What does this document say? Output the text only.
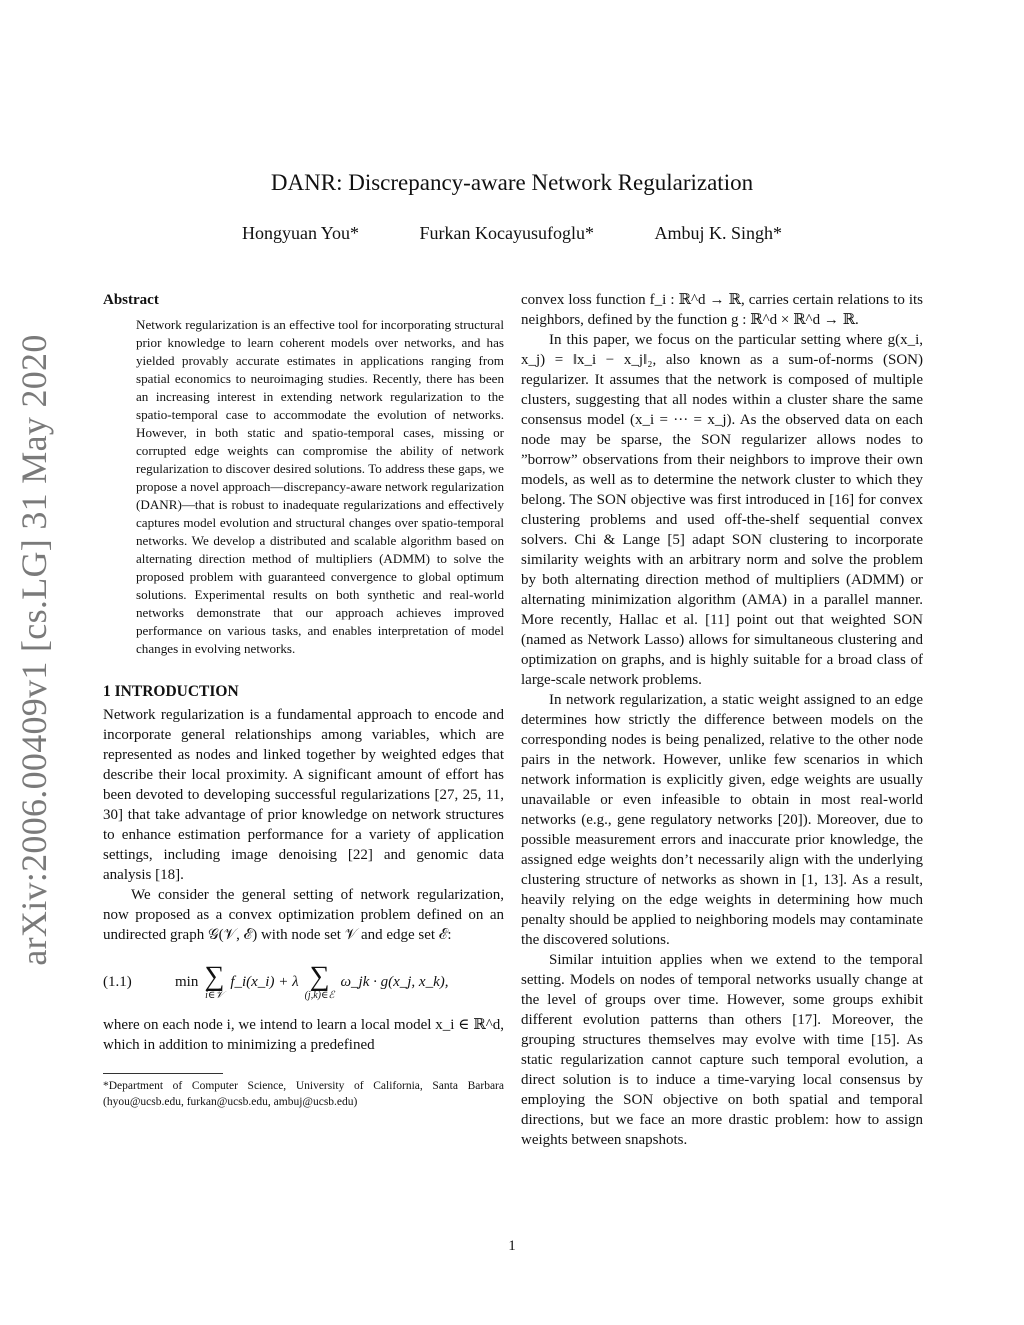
arXiv:2006.00409v1 [cs.LG] 31 May 2020
DANR: Discrepancy-aware Network Regularization
Hongyuan You*	Furkan Kocayusufoglu*	Ambuj K. Singh*
Abstract

Network regularization is an effective tool for incorporating structural prior knowledge to learn coherent models over networks, and has yielded provably accurate estimates in applications ranging from spatial economics to neuroimaging studies. Recently, there has been an increasing interest in extending network regularization to the spatio-temporal case to accommodate the evolution of networks. However, in both static and spatio-temporal cases, missing or corrupted edge weights can compromise the ability of network regularization to discover desired solutions. To address these gaps, we propose a novel approach—discrepancy-aware network regularization (DANR)—that is robust to inadequate regularizations and effectively captures model evolution and structural changes over spatio-temporal networks. We develop a distributed and scalable algorithm based on alternating direction method of multipliers (ADMM) to solve the proposed problem with guaranteed convergence to global optimum solutions. Experimental results on both synthetic and real-world networks demonstrate that our approach achieves improved performance on various tasks, and enables interpretation of model changes in evolving networks.

1 INTRODUCTION

Network regularization is a fundamental approach to encode and incorporate general relationships among variables, which are represented as nodes and linked together by weighted edges that describe their local proximity. A significant amount of effort has been devoted to developing successful regularizations [27, 25, 11, 30] that take advantage of prior knowledge on network structures to enhance estimation performance for a variety of application settings, including image denoising [22] and genomic data analysis [18].

We consider the general setting of network regularization, now proposed as a convex optimization problem defined on an undirected graph 𝒢(𝒱, ℰ) with node set 𝒱 and edge set ℰ:

(1.1)	min ∑
i∈𝒱
f_i(x_i) + λ ∑
(j,k)∈ℰ
ω_jk · g(x_j, x_k),

where on each node i, we intend to learn a local model x_i ∈ ℝ^d, which in addition to minimizing a predefined

*Department of Computer Science, University of California, Santa Barbara (hyou@ucsb.edu, furkan@ucsb.edu, ambuj@ucsb.edu)

convex loss function f_i : ℝ^d → ℝ, carries certain relations to its neighbors, defined by the function g : ℝ^d × ℝ^d → ℝ.

In this paper, we focus on the particular setting where g(x_i, x_j) = ‖x_i − x_j‖₂, also known as a sum-of-norms (SON) regularizer. It assumes that the network is composed of multiple clusters, suggesting that all nodes within a cluster share the same consensus model (x_i = ··· = x_j). As the observed data on each node may be sparse, the SON regularizer allows nodes to ”borrow” observations from their neighbors to improve their own models, as well as to determine the network cluster to which they belong. The SON objective was first introduced in [16] for convex clustering problems and used off-the-shelf sequential convex solvers. Chi & Lange [5] adapt SON clustering to incorporate similarity weights with an arbitrary norm and solve the problem by both alternating direction method of multipliers (ADMM) or alternating minimization algorithm (AMA) in a parallel manner. More recently, Hallac et al. [11] point out that weighted SON (named as Network Lasso) allows for simultaneous clustering and optimization on graphs, and is highly suitable for a broad class of large-scale network problems.

In network regularization, a static weight assigned to an edge determines how strictly the difference between models on the corresponding nodes is being penalized, relative to the other node pairs in the network. However, unlike few scenarios in which network information is explicitly given, edge weights are usually unavailable or even infeasible to obtain in most real-world networks (e.g., gene regulatory networks [20]). Moreover, due to possible measurement errors and inaccurate prior knowledge, the assigned edge weights don’t necessarily align with the underlying clustering structure of networks as shown in [1, 13]. As a result, heavily relying on the edge weights in determining how much penalty should be applied to neighboring models may contaminate the discovered solutions.

Similar intuition applies when we extend to the temporal setting. Models on nodes of temporal networks usually change at the level of groups over time. However, some groups exhibit different evolution patterns than others [17]. Moreover, the grouping structures themselves may evolve with time [15]. As static regularization cannot capture such temporal evolution, a direct solution is to induce a time-varying local consensus by employing the SON objective on both spatial and temporal directions, but we face an more drastic problem: how to assign weights between snapshots.

1
